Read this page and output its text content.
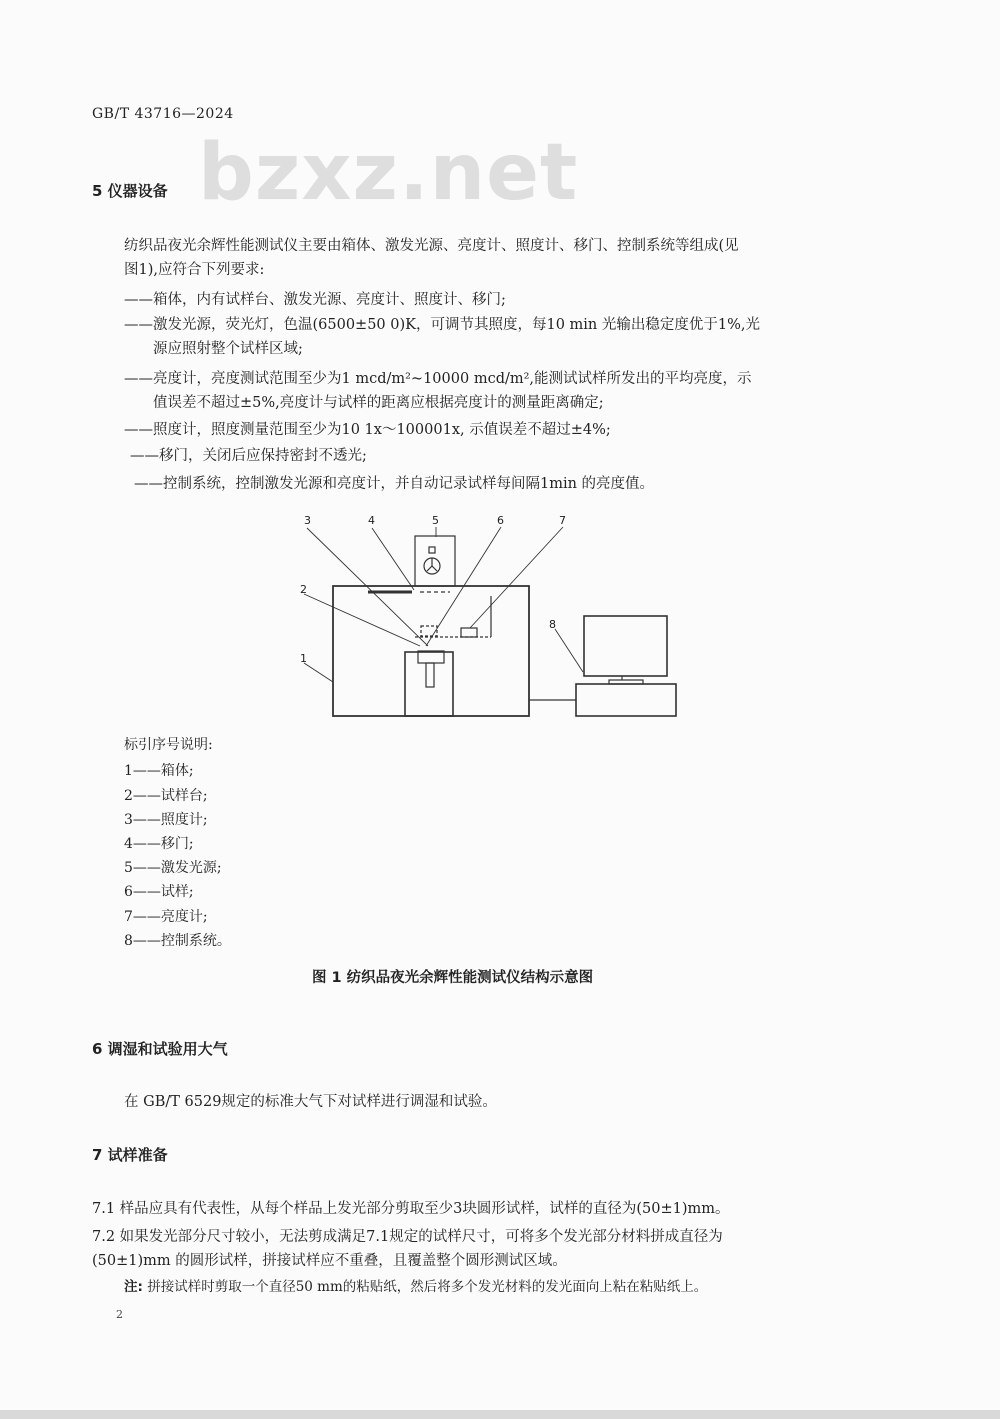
GB/T 43716—2024
bzxz.net
5 仪器设备
纺织品夜光余辉性能测试仪主要由箱体、激发光源、亮度计、照度计、移门、控制系统等组成(见
图1),应符合下列要求:
——箱体，内有试样台、激发光源、亮度计、照度计、移门;
——激发光源，荧光灯，色温(6500±50 0)K，可调节其照度，每10 min 光输出稳定度优于1%,光
源应照射整个试样区域;
——亮度计，亮度测试范围至少为1 mcd/m²~10000 mcd/m²,能测试试样所发出的平均亮度，示
值误差不超过±5%,亮度计与试样的距离应根据亮度计的测量距离确定;
——照度计，照度测量范围至少为10 1x～100001x, 示值误差不超过±4%;
——移门，关闭后应保持密封不透光;
——控制系统，控制激发光源和亮度计，并自动记录试样每间隔1min 的亮度值。
3	4	5	6	7
2
1
8
标引序号说明:
1——箱体;
2——试样台;
3——照度计;
4——移门;
5——激发光源;
6——试样;
7——亮度计;
8——控制系统。
图 1 纺织品夜光余辉性能测试仪结构示意图
6 调湿和试验用大气
在 GB/T 6529规定的标准大气下对试样进行调湿和试验。
7 试样准备
7.1 样品应具有代表性，从每个样品上发光部分剪取至少3块圆形试样，试样的直径为(50±1)mm。
7.2 如果发光部分尺寸较小，无法剪成满足7.1规定的试样尺寸，可将多个发光部分材料拼成直径为
(50±1)mm 的圆形试样，拼接试样应不重叠，且覆盖整个圆形测试区域。
注: 拼接试样时剪取一个直径50 mm的粘贴纸，然后将多个发光材料的发光面向上粘在粘贴纸上。
2
